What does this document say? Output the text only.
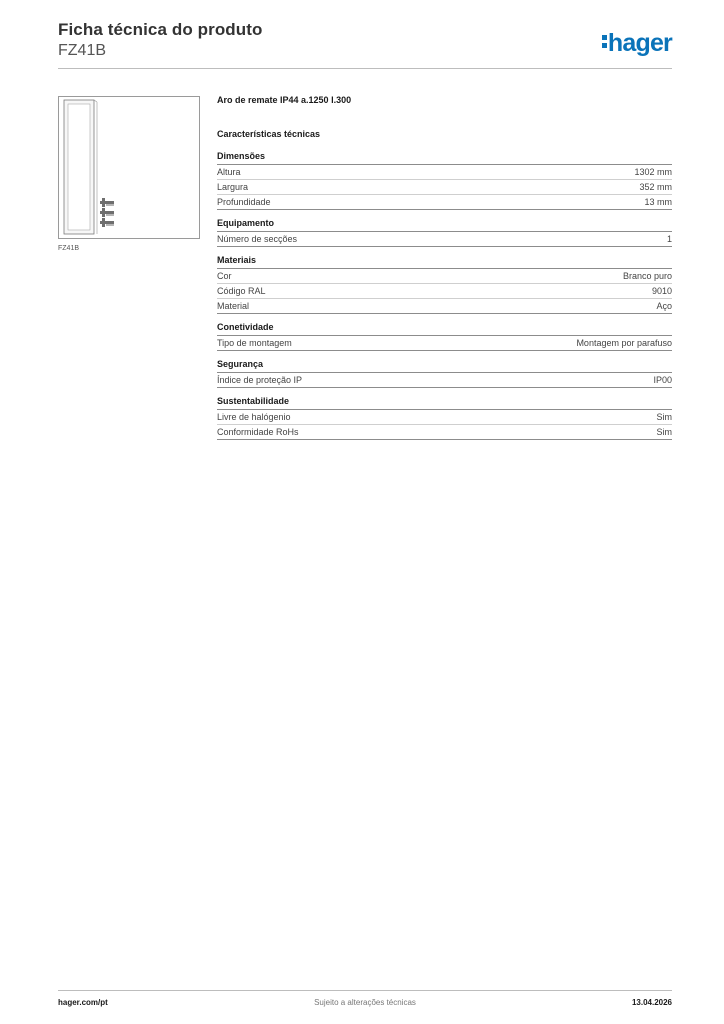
Ficha técnica do produto
FZ41B	hager
FZ41B
Aro de remate IP44 a.1250 l.300
Características técnicas
Dimensões
Altura	1302 mm
Largura	352 mm
Profundidade	13 mm
Equipamento
Número de secções	1
Materiais
Cor	Branco puro
Código RAL	9010
Material	Aço
Conetividade
Tipo de montagem	Montagem por parafuso
Segurança
Índice de proteção IP	IP00
Sustentabilidade
Livre de halógenio	Sim
Conformidade RoHs	Sim
hager.com/pt	Sujeito a alterações técnicas	13.04.2026
